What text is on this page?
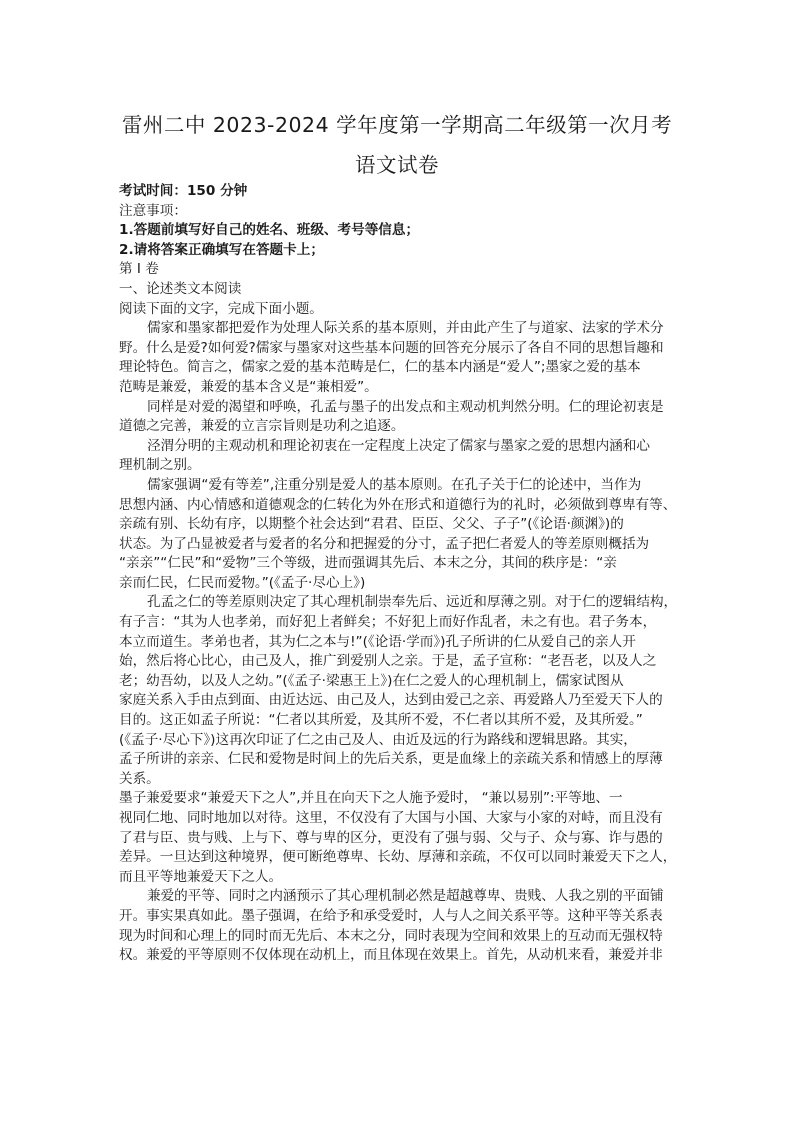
雷州二中 2023-2024 学年度第一学期高二年级第一次月考
语文试卷
考试时间：150 分钟
注意事项：
1.答题前填写好自己的姓名、班级、考号等信息；
2.请将答案正确填写在答题卡上；
第 I 卷
一、论述类文本阅读
阅读下面的文字，完成下面小题。
儒家和墨家都把爱作为处理人际关系的基本原则，并由此产生了与道家、法家的学术分
野。什么是爱?如何爱?儒家与墨家对这些基本问题的回答充分展示了各自不同的思想旨趣和
理论特色。简言之，儒家之爱的基本范畴是仁，仁的基本内涵是“爱人”;墨家之爱的基本
范畴是兼爱，兼爱的基本含义是“兼相爱”。
同样是对爱的渴望和呼唤，孔孟与墨子的出发点和主观动机判然分明。仁的理论初衷是
道德之完善，兼爱的立言宗旨则是功利之追逐。
泾渭分明的主观动机和理论初衷在一定程度上决定了儒家与墨家之爱的思想内涵和心
理机制之别。
儒家强调“爱有等差”,注重分别是爱人的基本原则。在孔子关于仁的论述中，当作为
思想内涵、内心情感和道德观念的仁转化为外在形式和道德行为的礼时，必须做到尊卑有等、
亲疏有别、长幼有序，以期整个社会达到“君君、臣臣、父父、子子”(《论语·颜渊》)的
状态。为了凸显被爱者与爱者的名分和把握爱的分寸，孟子把仁者爱人的等差原则概括为
“亲亲”“仁民”和“爱物”三个等级，进而强调其先后、本末之分，其间的秩序是：“亲
亲而仁民，仁民而爱物。”(《孟子·尽心上》)
孔孟之仁的等差原则决定了其心理机制崇奉先后、远近和厚薄之别。对于仁的逻辑结构，
有子言：“其为人也孝弟，而好犯上者鲜矣；不好犯上而好作乱者，未之有也。君子务本，
本立而道生。孝弟也者，其为仁之本与!”(《论语·学而》)孔子所讲的仁从爱自己的亲人开
始，然后将心比心，由己及人，推广到爱别人之亲。于是，孟子宣称：“老吾老，以及人之
老；幼吾幼，以及人之幼。”(《孟子·梁惠王上》)在仁之爱人的心理机制上，儒家试图从
家庭关系入手由点到面、由近达远、由己及人，达到由爱己之亲、再爱路人乃至爱天下人的
目的。这正如孟子所说：“仁者以其所爱，及其所不爱，不仁者以其所不爱，及其所爱。”
(《孟子·尽心下》)这再次印证了仁之由己及人、由近及远的行为路线和逻辑思路。其实，
孟子所讲的亲亲、仁民和爱物是时间上的先后关系，更是血缘上的亲疏关系和情感上的厚薄
关系。
墨子兼爱要求“兼爱天下之人”,并且在向天下之人施予爱时， “兼以易别”:平等地、一
视同仁地、同时地加以对待。这里，不仅没有了大国与小国、大家与小家的对峙，而且没有
了君与臣、贵与贱、上与下、尊与卑的区分，更没有了强与弱、父与子、众与寡、诈与愚的
差异。一旦达到这种境界，便可断绝尊卑、长幼、厚薄和亲疏，不仅可以同时兼爱天下之人，
而且平等地兼爱天下之人。
兼爱的平等、同时之内涵预示了其心理机制必然是超越尊卑、贵贱、人我之别的平面铺
开。事实果真如此。墨子强调，在给予和承受爱时，人与人之间关系平等。这种平等关系表
现为时间和心理上的同时而无先后、本末之分，同时表现为空间和效果上的互动而无强权特
权。兼爱的平等原则不仅体现在动机上，而且体现在效果上。首先，从动机来看，兼爱并非
